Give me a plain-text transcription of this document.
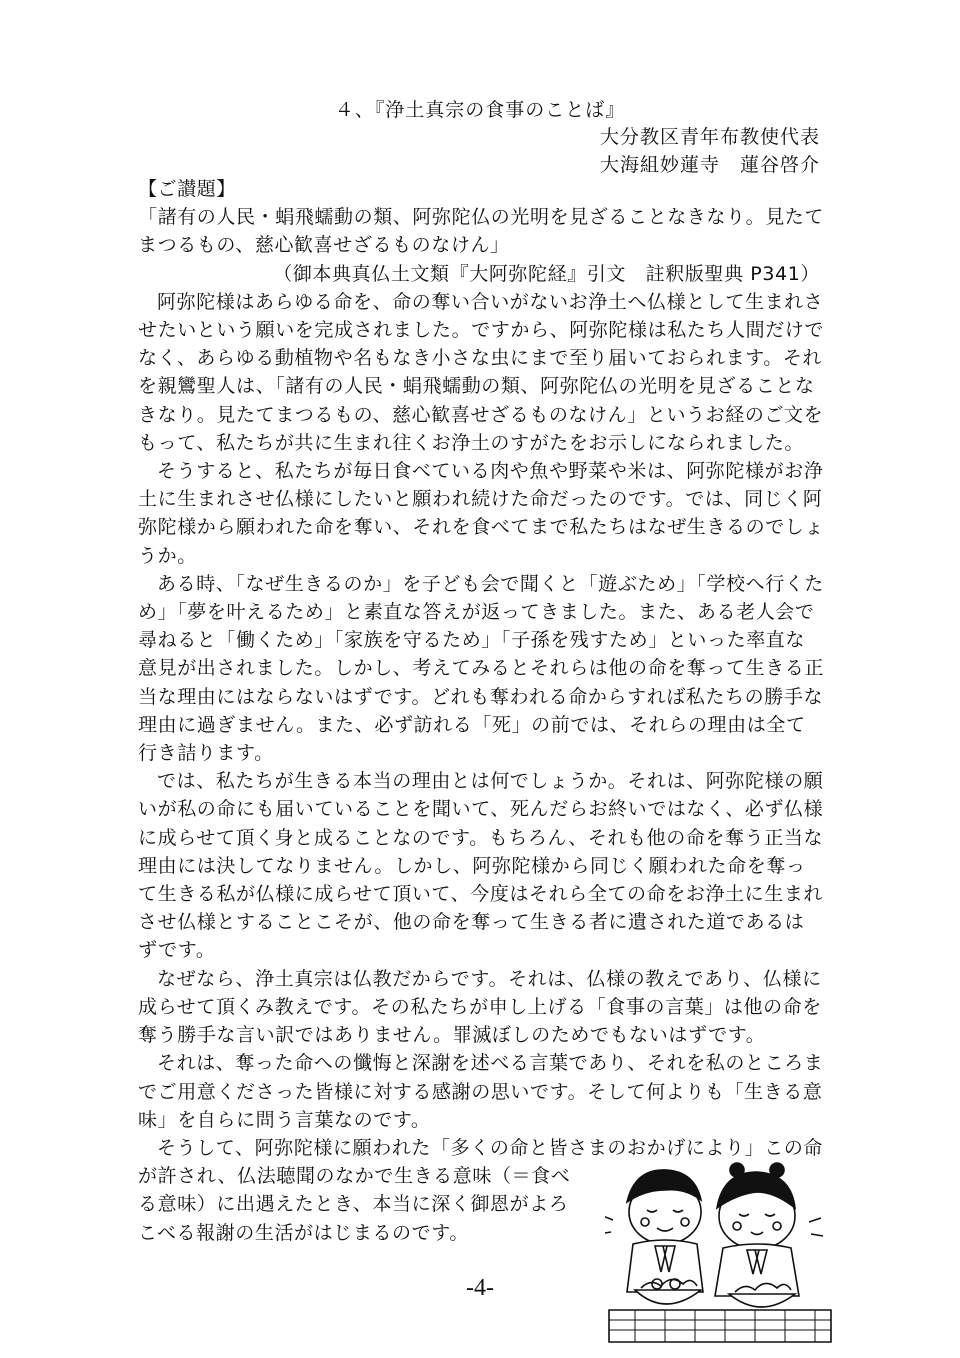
４、『浄土真宗の食事のことば』
大分教区青年布教使代表
大海組妙蓮寺　蓮谷啓介

【ご讃題】

「諸有の人民・蜎飛蠕動の類、阿弥陀仏の光明を見ざることなきなり。見たてまつるもの、慈心歓喜せざるものなけん」

（御本典真仏土文類『大阿弥陀経』引文　註釈版聖典 P341）

阿弥陀様はあらゆる命を、命の奪い合いがないお浄土へ仏様として生まれさせたいという願いを完成されました。ですから、阿弥陀様は私たち人間だけでなく、あらゆる動植物や名もなき小さな虫にまで至り届いておられます。それを親鸞聖人は、「諸有の人民・蜎飛蠕動の類、阿弥陀仏の光明を見ざることなきなり。見たてまつるもの、慈心歓喜せざるものなけん」というお経のご文をもって、私たちが共に生まれ往くお浄土のすがたをお示しになられました。

そうすると、私たちが毎日食べている肉や魚や野菜や米は、阿弥陀様がお浄土に生まれさせ仏様にしたいと願われ続けた命だったのです。では、同じく阿弥陀様から願われた命を奪い、それを食べてまで私たちはなぜ生きるのでしょうか。

ある時、「なぜ生きるのか」を子ども会で聞くと「遊ぶため」「学校へ行くため」「夢を叶えるため」と素直な答えが返ってきました。また、ある老人会で尋ねると「働くため」「家族を守るため」「子孫を残すため」といった率直な意見が出されました。しかし、考えてみるとそれらは他の命を奪って生きる正当な理由にはならないはずです。どれも奪われる命からすれば私たちの勝手な理由に過ぎません。また、必ず訪れる「死」の前では、それらの理由は全て行き詰ります。

では、私たちが生きる本当の理由とは何でしょうか。それは、阿弥陀様の願いが私の命にも届いていることを聞いて、死んだらお終いではなく、必ず仏様に成らせて頂く身と成ることなのです。もちろん、それも他の命を奪う正当な理由には決してなりません。しかし、阿弥陀様から同じく願われた命を奪って生きる私が仏様に成らせて頂いて、今度はそれら全ての命をお浄土に生まれさせ仏様とすることこそが、他の命を奪って生きる者に遺された道であるはずです。

なぜなら、浄土真宗は仏教だからです。それは、仏様の教えであり、仏様に成らせて頂くみ教えです。その私たちが申し上げる「食事の言葉」は他の命を奪う勝手な言い訳ではありません。罪滅ぼしのためでもないはずです。

それは、奪った命への懺悔と深謝を述べる言葉であり、それを私のところまでご用意くださった皆様に対する感謝の思いです。そして何よりも「生きる意味」を自らに問う言葉なのです。

そうして、阿弥陀様に願われた「多くの命と皆さまのおかげにより」この命

が許され、仏法聴聞のなかで生きる意味（＝食べる意味）に出遇えたとき、本当に深く御恩がよろこべる報謝の生活がはじまるのです。

-4-
